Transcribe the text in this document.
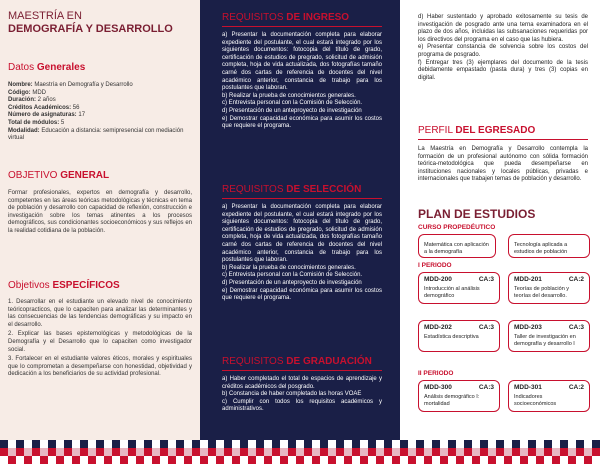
MAESTRÍA EN
DEMOGRAFÍA Y DESARROLLO
Datos Generales
Nombre: Maestría en Demografía y Desarrollo
Código: MDD
Duración: 2 años
Créditos Académicos: 56
Número de asignaturas: 17
Total de módulos: 5
Modalidad: Educación a distancia: semipresencial con mediación virtual
OBJETIVO GENERAL
Formar profesionales, expertos en demografía y desarrollo, competentes en las áreas teóricas metodológicas y técnicas en tema de población y desarrollo con capacidad de reflexión, construcción e investigación sobre los temas atinentes a los procesos demográficos, sus condicionantes socioeconómicos y sus reflejos en la realidad cotidiana de la población.
Objetivos ESPECÍFICOS
1. Desarrollar en el estudiante un elevado nivel de conocimiento teóricopracticos, que lo capaciten para analizar las determinantes y las consecuencias de las tendencias demográficas y su impacto en el desarrollo.
2. Explicar las bases epistemológicas y metodológicas de la Demografía y el Desarrollo que lo capaciten como investigador social.
3. Fortalecer en el estudiante valores éticos, morales y espirituales que lo comprometan a desempeñarse con honestidad, objetividad y dedicación a los beneficiarios de su actividad profesional.
REQUISITOS DE INGRESO
a) Presentar la documentación completa para elaborar expediente del postulante, el cual estará integrado por los siguientes documentos: fotocopia del título de grado, certificación de estudios de pregrado, solicitud de admisión completa, hoja de vida actualizada, dos fotografías tamaño carné dos cartas de referencia de docentes del nivel académico anterior, constancia de trabajo para los postulantes que laboran.
b) Realizar la prueba de conocimientos generales.
c) Entrevista personal con la Comisión de Selección.
d) Presentación de un anteproyecto de investigación
e) Demostrar capacidad económica para asumir los costos que requiere el programa.
REQUISITOS DE SELECCIÓN
a) Presentar la documentación completa para elaborar expediente del postulante, el cual estará integrado por los siguientes documentos: fotocopia del título de grado, certificación de estudios de pregrado, solicitud de admisión completa, hoja de vida actualizada, dos fotografías tamaño carné dos cartas de referencia de docentes del nivel académico anterior, constancia de trabajo para los postulantes que laboran.
b) Realizar la prueba de conocimientos generales.
c) Entrevista personal con la Comisión de Selección.
d) Presentación de un anteproyecto de investigación
e) Demostrar capacidad económica para asumir los costos que requiere el programa.
REQUISITOS DE GRADUACIÓN
a) Haber completado el total de espacios de aprendizaje y créditos académicos del posgrado.
b) Constancia de haber completado las horas VOAE
c) Cumplir con todos los requisitos académicos y administrativos.
d) Haber sustentado y aprobado exitosamente su tesis de investigación de posgrado ante una terna examinadora en el plazo de dos años, incluidas las subsanaciones requeridas por los directivos del programa en el caso que las hubiera.
e) Presentar constancia de solvencia sobre los costos del programa de posgrado.
f) Entregar tres (3) ejemplares del documento de la tesis debidamente empastado (pasta dura) y tres (3) copias en digital.
PERFIL DEL EGRESADO
La Maestría en Demografía y Desarrollo contempla la formación de un profesional autónomo con sólida formación teórica-metodológica que pueda desempeñarse en instituciones nacionales y locales públicas, privadas e internacionales que trabajen temas de población y desarrollo.
PLAN DE ESTUDIOS
CURSO PROPEDÉUTICO
Matemática con aplicación a la demografía
Tecnología aplicada a estudios de población
I PERIODO
MDD-200	CA:3
Introducción al análisis demográfico
MDD-201	CA:2
Teorías de población y teorías del desarrollo.
MDD-202	CA:3
Estadística descriptiva
MDD-203	CA:3
Taller de investigación en demografía y desarrollo I
II PERIODO
MDD-300	CA:3
Análisis demográfico I: mortalidad
MDD-301	CA:2
Indicadores socioeconómicos
